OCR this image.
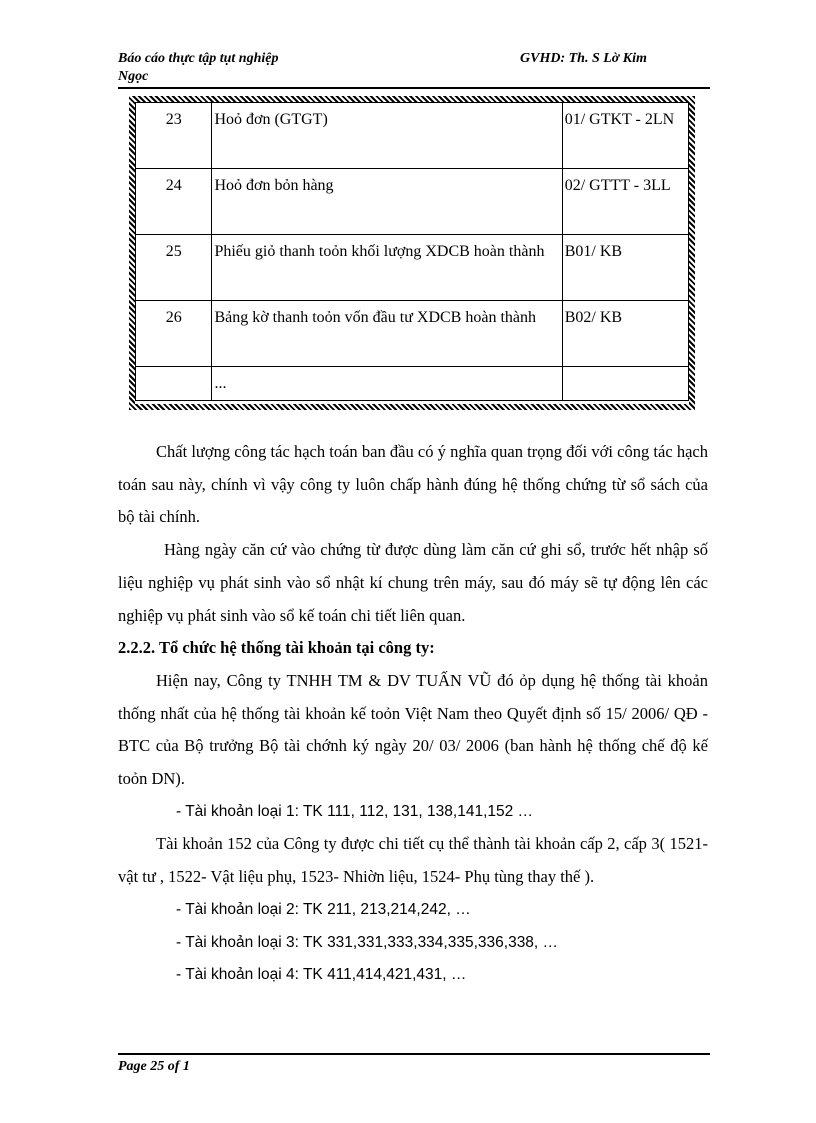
Báo cáo thực tập tụt nghiệp
Ngọc
GVHD: Th. S Lờ Kim
23	Hoỏ đơn (GTGT)	01/ GTKT - 2LN
24	Hoỏ đơn bỏn hàng	02/ GTTT - 3LL
25	Phiếu giỏ thanh toỏn khối lượng XDCB hoàn thành	B01/ KB
26	Bảng kờ thanh toỏn vốn đầu tư XDCB hoàn thành	B02/ KB
	...	

Chất lượng công tác hạch toán ban đầu có ý nghĩa quan trọng đối với công tác hạch toán sau này, chính vì vậy công ty luôn chấp hành đúng hệ thống chứng từ sổ sách của bộ tài chính.

Hàng ngày căn cứ vào chứng từ được dùng làm căn cứ ghi sổ, trước hết nhập số liệu nghiệp vụ phát sinh vào sổ nhật kí chung trên máy, sau đó máy sẽ tự động lên các nghiệp vụ phát sinh vào sổ kế toán chi tiết liên quan.

2.2.2. Tổ chức hệ thống tài khoản tại công ty:

Hiện nay, Công ty TNHH TM & DV TUẤN VŨ đó ỏp dụng hệ thống tài khoản thống nhất của hệ thống tài khoản kế toỏn Việt Nam theo Quyết định số 15/ 2006/ QĐ - BTC của Bộ trưởng Bộ tài chớnh ký ngày 20/ 03/ 2006 (ban hành hệ thống chế độ kế toỏn DN).

- Tài khoản loại 1: TK 111, 112, 131, 138,141,152 …

Tài khoản 152 của Công ty được chi tiết cụ thể thành tài khoản cấp 2, cấp 3( 1521- vật tư , 1522- Vật liệu phụ, 1523- Nhiờn liệu, 1524- Phụ tùng thay thế ).

- Tài khoản loại 2: TK 211, 213,214,242, …

- Tài khoản loại 3: TK 331,331,333,334,335,336,338, …

- Tài khoản loại 4: TK 411,414,421,431, …

Page 25 of 1
